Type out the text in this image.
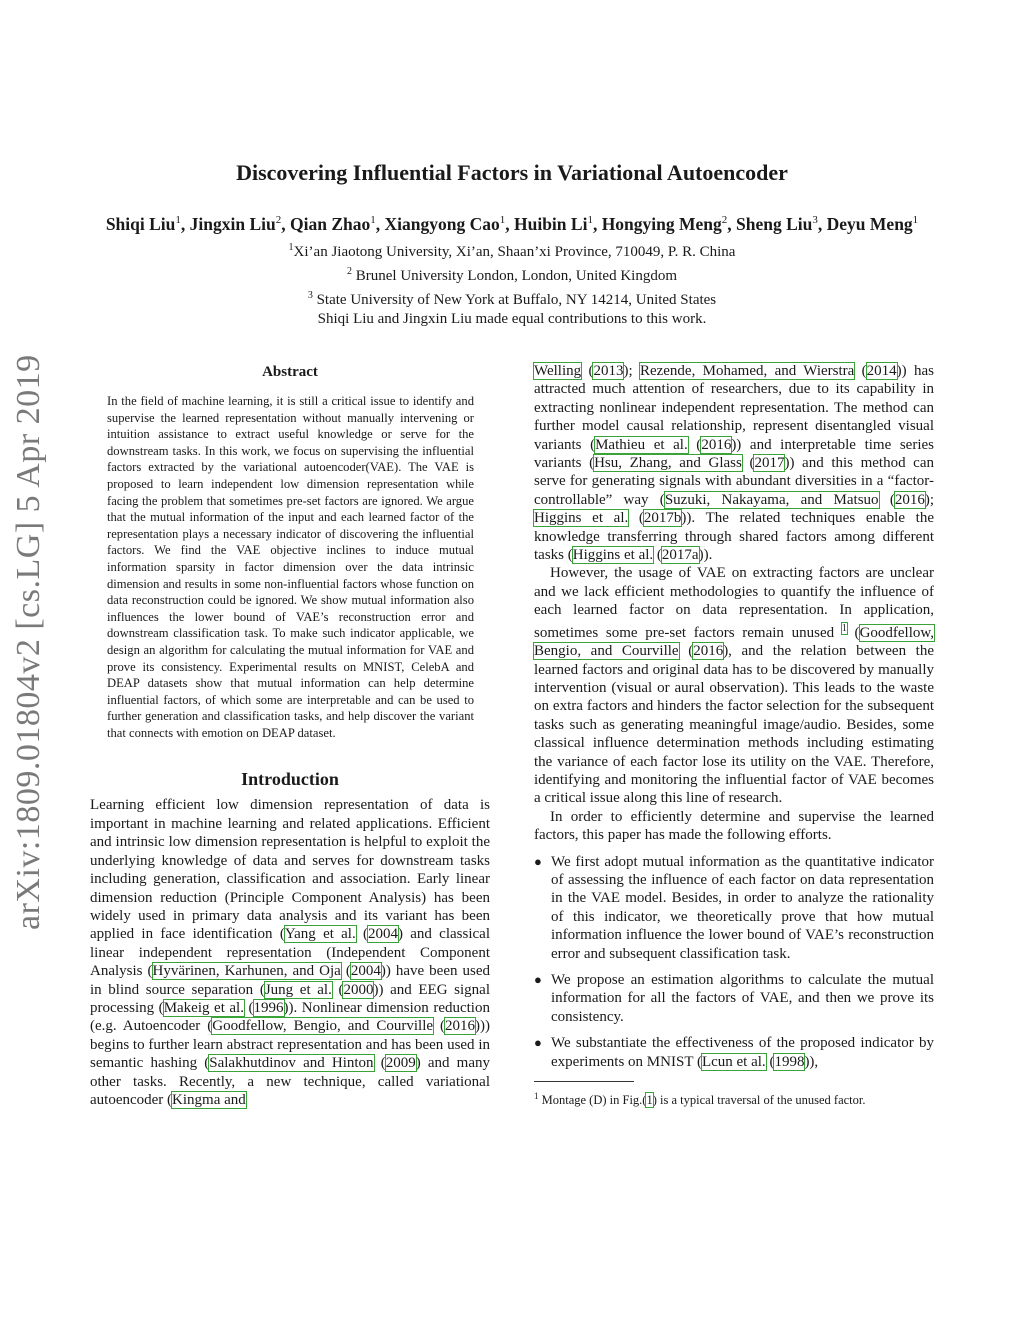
arXiv:1809.01804v2 [cs.LG] 5 Apr 2019
Discovering Influential Factors in Variational Autoencoder
Shiqi Liu$^1$, Jingxin Liu$^2$, Qian Zhao$^1$, Xiangyong Cao$^1$, Huibin Li$^1$, Hongying Meng$^2$, Sheng Liu$^3$, Deyu Meng$^1$
$^1$Xi’an Jiaotong University, Xi’an, Shaan’xi Province, 710049, P. R. China
$^2$ Brunel University London, London, United Kingdom
$^3$ State University of New York at Buffalo, NY 14214, United States
Shiqi Liu and Jingxin Liu made equal contributions to this work.
Abstract

In the field of machine learning, it is still a critical issue to identify and supervise the learned representation without manually intervening or intuition assistance to extract useful knowledge or serve for the downstream tasks. In this work, we focus on supervising the influential factors extracted by the variational autoencoder(VAE). The VAE is proposed to learn independent low dimension representation while facing the problem that sometimes pre-set factors are ignored. We argue that the mutual information of the input and each learned factor of the representation plays a necessary indicator of discovering the influential factors. We find the VAE objective inclines to induce mutual information sparsity in factor dimension over the data intrinsic dimension and results in some non-influential factors whose function on data reconstruction could be ignored. We show mutual information also influences the lower bound of VAE’s reconstruction error and downstream classification task. To make such indicator applicable, we design an algorithm for calculating the mutual information for VAE and prove its consistency. Experimental results on MNIST, CelebA and DEAP datasets show that mutual information can help determine influential factors, of which some are interpretable and can be used to further generation and classification tasks, and help discover the variant that connects with emotion on DEAP dataset.

Introduction

Learning efficient low dimension representation of data is important in machine learning and related applications. Efficient and intrinsic low dimension representation is helpful to exploit the underlying knowledge of data and serves for downstream tasks including generation, classification and association. Early linear dimension reduction (Principle Component Analysis) has been widely used in primary data analysis and its variant has been applied in face identification (Yang et al. (2004) and classical linear independent representation (Independent Component Analysis (Hyvärinen, Karhunen, and Oja (2004)) have been used in blind source separation (Jung et al. (2000)) and EEG signal processing (Makeig et al. (1996)). Nonlinear dimension reduction (e.g. Autoencoder (Goodfellow, Bengio, and Courville (2016))) begins to further learn abstract representation and has been used in semantic hashing (Salakhutdinov and Hinton (2009) and many other tasks. Recently, a new technique, called variational autoencoder (Kingma and

Welling (2013); Rezende, Mohamed, and Wierstra (2014)) has attracted much attention of researchers, due to its capability in extracting nonlinear independent representation. The method can further model causal relationship, represent disentangled visual variants (Mathieu et al. (2016)) and interpretable time series variants (Hsu, Zhang, and Glass (2017)) and this method can serve for generating signals with abundant diversities in a “factor-controllable” way (Suzuki, Nakayama, and Matsuo (2016); Higgins et al. (2017b)). The related techniques enable the knowledge transferring through shared factors among different tasks (Higgins et al. (2017a)).

However, the usage of VAE on extracting factors are unclear and we lack efficient methodologies to quantify the influence of each learned factor on data representation. In application, sometimes some pre-set factors remain unused $^1$ (Goodfellow, Bengio, and Courville (2016), and the relation between the learned factors and original data has to be discovered by manually intervention (visual or aural observation). This leads to the waste on extra factors and hinders the factor selection for the subsequent tasks such as generating meaningful image/audio. Besides, some classical influence determination methods including estimating the variance of each factor lose its utility on the VAE. Therefore, identifying and monitoring the influential factor of VAE becomes a critical issue along this line of research.

In order to efficiently determine and supervise the learned factors, this paper has made the following efforts.

● We first adopt mutual information as the quantitative indicator of assessing the influence of each factor on data representation in the VAE model. Besides, in order to analyze the rationality of this indicator, we theoretically prove that how mutual information influence the lower bound of VAE’s reconstruction error and subsequent classification task.
● We propose an estimation algorithms to calculate the mutual information for all the factors of VAE, and then we prove its consistency.
● We substantiate the effectiveness of the proposed indicator by experiments on MNIST (Lcun et al. (1998)),
$^1$ Montage (D) in Fig.(1) is a typical traversal of the unused factor.
